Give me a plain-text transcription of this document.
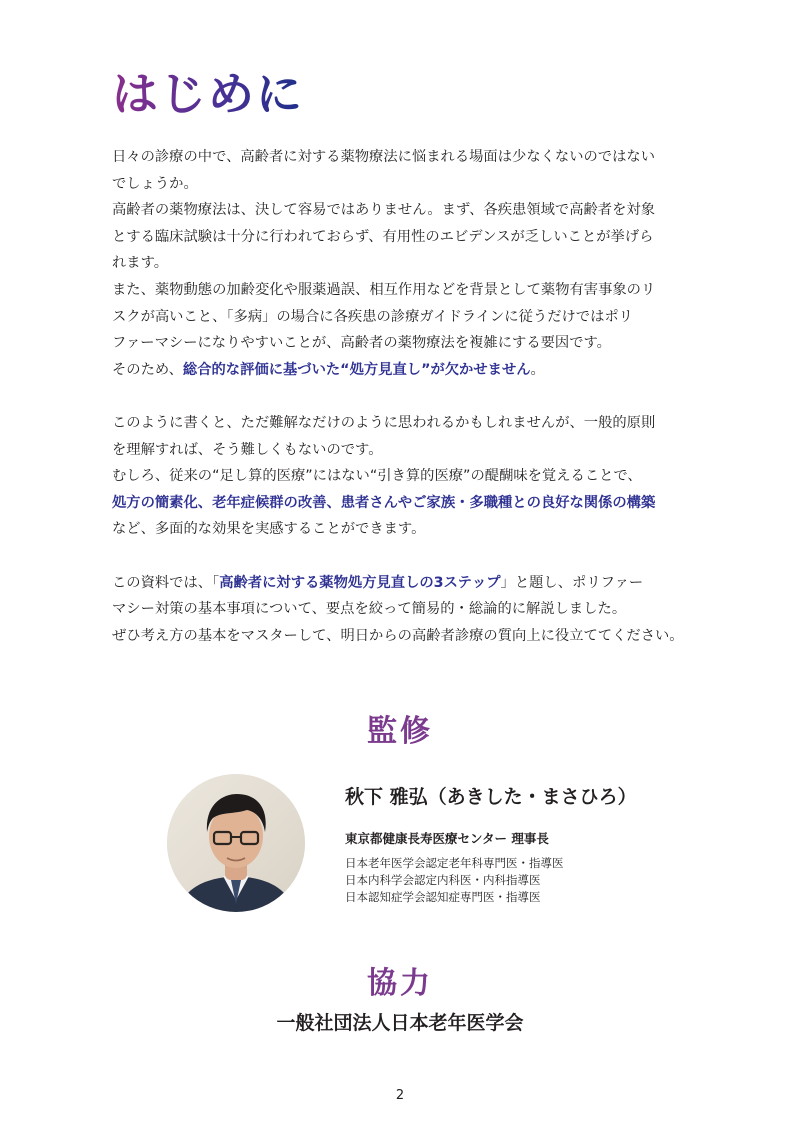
はじめに

日々の診療の中で、高齢者に対する薬物療法に悩まれる場面は少なくないのではない

でしょうか。

高齢者の薬物療法は、決して容易ではありません。まず、各疾患領域で高齢者を対象

とする臨床試験は十分に行われておらず、有用性のエビデンスが乏しいことが挙げら

れます。

また、薬物動態の加齢変化や服薬過誤、相互作用などを背景として薬物有害事象のリ

スクが高いこと、「多病」の場合に各疾患の診療ガイドラインに従うだけではポリ

ファーマシーになりやすいことが、高齢者の薬物療法を複雑にする要因です。

そのため、総合的な評価に基づいた“処方見直し”が欠かせません。

このように書くと、ただ難解なだけのように思われるかもしれませんが、一般的原則

を理解すれば、そう難しくもないのです。

むしろ、従来の“足し算的医療”にはない“引き算的医療”の醍醐味を覚えることで、

処方の簡素化、老年症候群の改善、患者さんやご家族・多職種との良好な関係の構築

など、多面的な効果を実感することができます。

この資料では、「高齢者に対する薬物処方見直しの3ステップ」と題し、ポリファー

マシー対策の基本事項について、要点を絞って簡易的・総論的に解説しました。

ぜひ考え方の基本をマスターして、明日からの高齢者診療の質向上に役立ててください。

監修

秋下 雅弘（あきした・まさひろ）

東京都健康長寿医療センター 理事長

日本老年医学会認定老年科専門医・指導医
日本内科学会認定内科医・内科指導医
日本認知症学会認知症専門医・指導医
協力

一般社団法人日本老年医学会

2
